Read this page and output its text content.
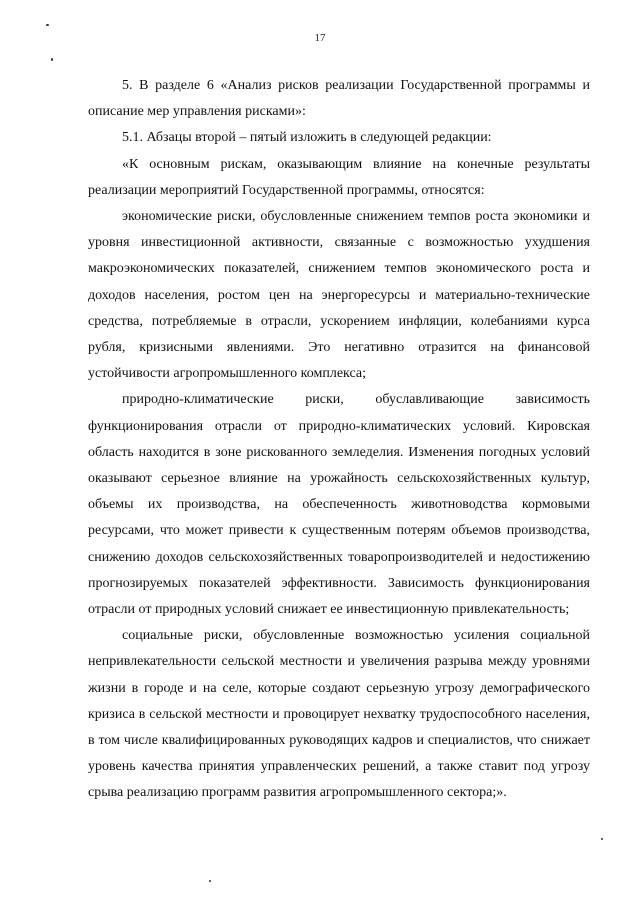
17

5. В разделе 6 «Анализ рисков реализации Государственной программы и описание мер управления рисками»:

5.1. Абзацы второй – пятый изложить в следующей редакции:

«К основным рискам, оказывающим влияние на конечные результаты реализации мероприятий Государственной программы, относятся:

экономические риски, обусловленные снижением темпов роста экономики и уровня инвестиционной активности, связанные с возможностью ухудшения макроэкономических показателей, снижением темпов экономического роста и доходов населения, ростом цен на энергоресурсы и материально-технические средства, потребляемые в отрасли, ускорением инфляции, колебаниями курса рубля, кризисными явлениями. Это негативно отразится на финансовой устойчивости агропромышленного комплекса;

природно-климатические риски, обуславливающие зависимость функционирования отрасли от природно-климатических условий. Кировская область находится в зоне рискованного земледелия. Изменения погодных условий оказывают серьезное влияние на урожайность сельскохозяйственных культур, объемы их производства, на обеспеченность животноводства кормовыми ресурсами, что может привести к существенным потерям объемов производства, снижению доходов сельскохозяйственных товаропроизводителей и недостижению прогнозируемых показателей эффективности. Зависимость функционирования отрасли от природных условий снижает ее инвестиционную привлекательность;

социальные риски, обусловленные возможностью усиления социальной непривлекательности сельской местности и увеличения разрыва между уровнями жизни в городе и на селе, которые создают серьезную угрозу демографического кризиса в сельской местности и провоцирует нехватку трудоспособного населения, в том числе квалифицированных руководящих кадров и специалистов, что снижает уровень качества принятия управленческих решений, а также ставит под угрозу срыва реализацию программ развития агропромышленного сектора;».
